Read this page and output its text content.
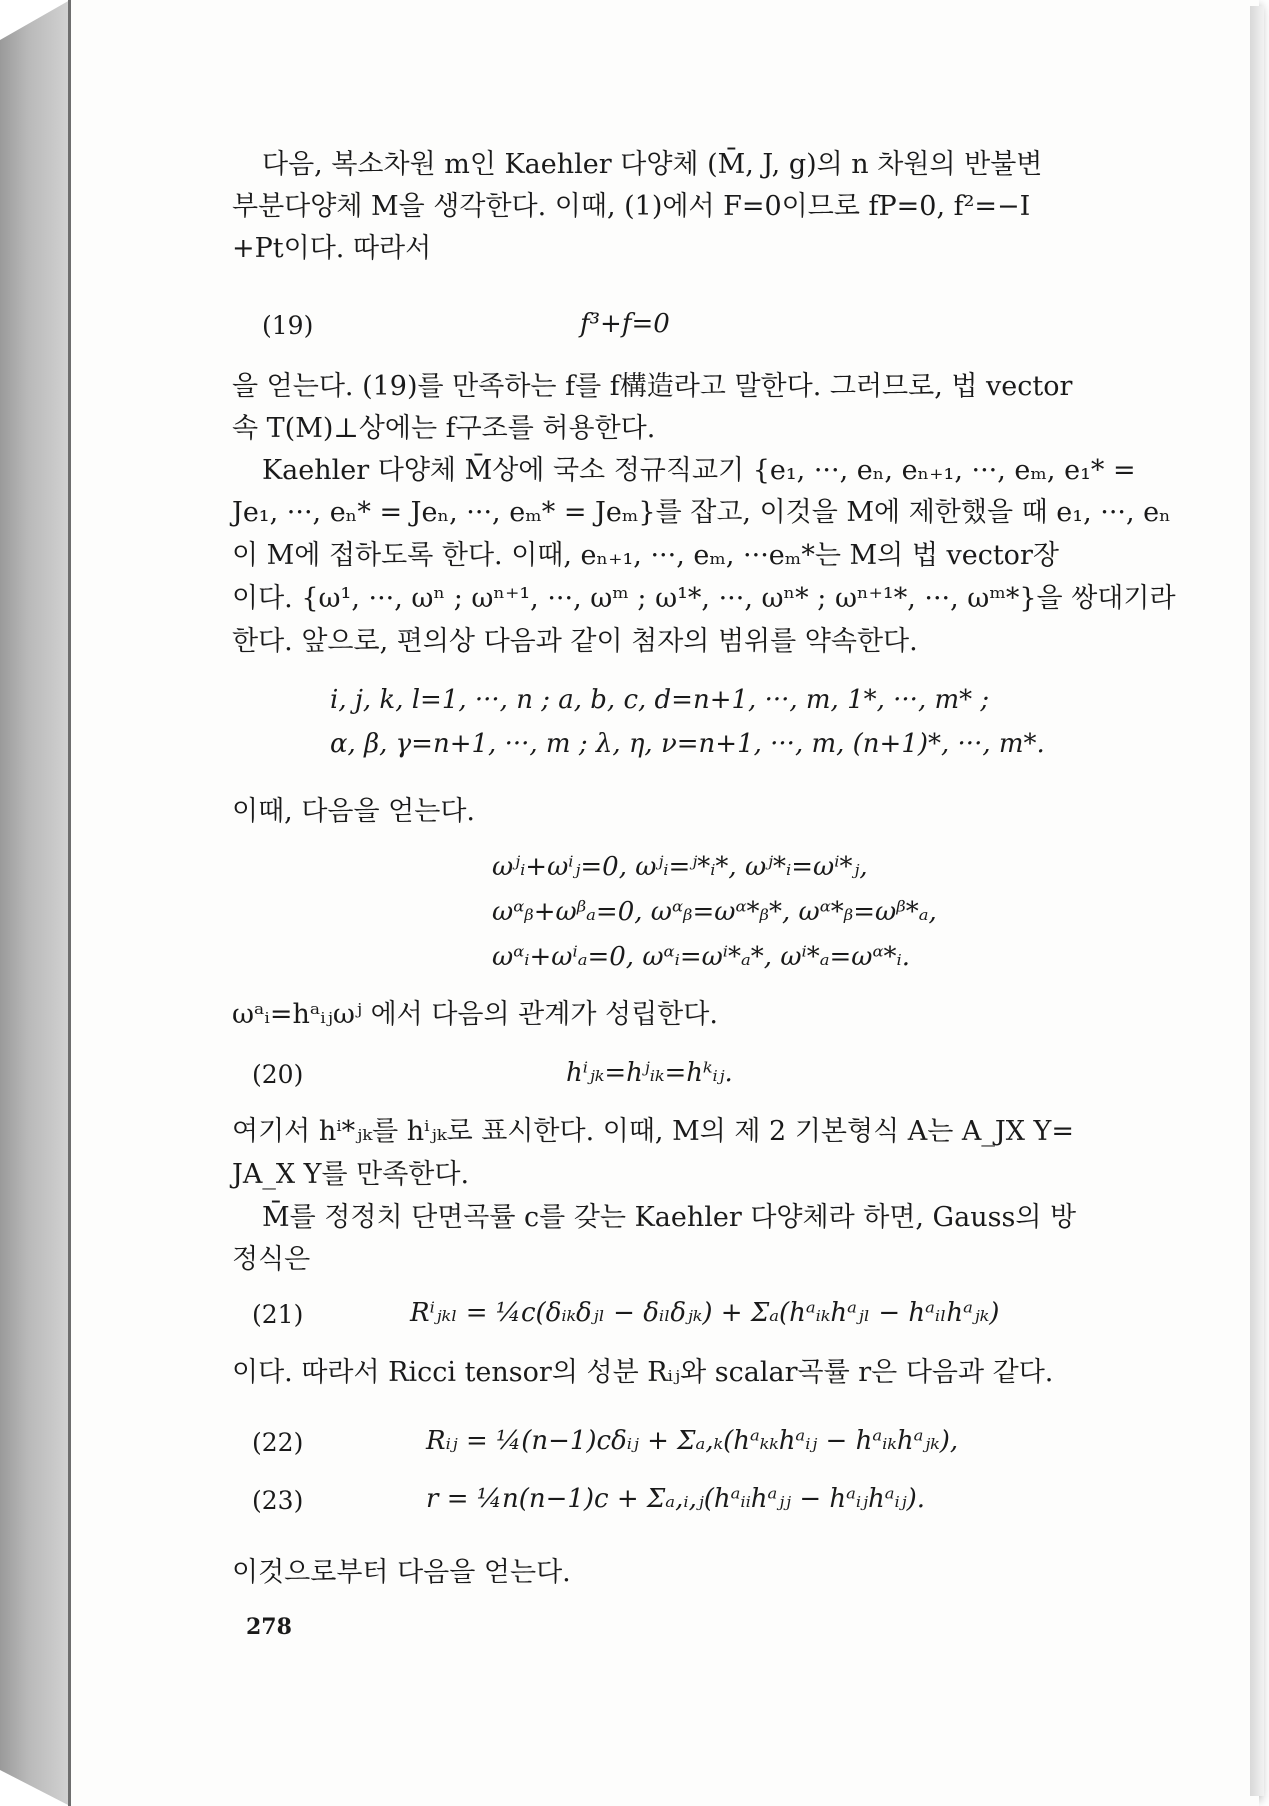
다음, 복소차원 m인 Kaehler 다양체 (M̄, J, g)의 n 차원의 반불변
부분다양체 M을 생각한다. 이때, (1)에서 F=0이므로 fP=0, f²=−I
+Pt이다. 따라서
(19)	f³+f=0
을 얻는다. (19)를 만족하는 f를 f構造라고 말한다. 그러므로, 법 vector
속 T(M)⊥상에는 f구조를 허용한다.
Kaehler 다양체 M̄상에 국소 정규직교기 {e₁, ···, eₙ, eₙ₊₁, ···, eₘ, e₁* =
Je₁, ···, eₙ* = Jeₙ, ···, eₘ* = Jeₘ}를 잡고, 이것을 M에 제한했을 때 e₁, ···, eₙ
이 M에 접하도록 한다. 이때, eₙ₊₁, ···, eₘ, ···eₘ*는 M의 법 vector장
이다. {ω¹, ···, ωⁿ ; ωⁿ⁺¹, ···, ωᵐ ; ω¹*, ···, ωⁿ* ; ωⁿ⁺¹*, ···, ωᵐ*}을 쌍대기라
한다. 앞으로, 편의상 다음과 같이 첨자의 범위를 약속한다.
i, j, k, l=1, ···, n ; a, b, c, d=n+1, ···, m, 1*, ···, m* ;
α, β, γ=n+1, ···, m ; λ, η, ν=n+1, ···, m, (n+1)*, ···, m*.
이때, 다음을 얻는다.
ωʲᵢ+ωⁱⱼ=0, ωʲᵢ=ʲ*ᵢ*, ωʲ*ᵢ=ωⁱ*ⱼ,
ωᵅᵦ+ωᵝₐ=0, ωᵅᵦ=ωᵅ*ᵦ*, ωᵅ*ᵦ=ωᵝ*ₐ,
ωᵅᵢ+ωⁱₐ=0, ωᵅᵢ=ωⁱ*ₐ*, ωⁱ*ₐ=ωᵅ*ᵢ.
ωᵃᵢ=hᵃᵢⱼωʲ 에서 다음의 관계가 성립한다.
(20)	hⁱⱼₖ=hʲᵢₖ=hᵏᵢⱼ.
여기서 hⁱ*ⱼₖ를 hⁱⱼₖ로 표시한다. 이때, M의 제 2 기본형식 A는 A_JX Y=
JA_X Y를 만족한다.
M̄를 정정치 단면곡률 c를 갖는 Kaehler 다양체라 하면, Gauss의 방
정식은
(21)	Rⁱⱼₖₗ = ¼c(δᵢₖδⱼₗ − δᵢₗδⱼₖ) + Σₐ(hᵃᵢₖhᵃⱼₗ − hᵃᵢₗhᵃⱼₖ)
이다. 따라서 Ricci tensor의 성분 Rᵢⱼ와 scalar곡률 r은 다음과 같다.
(22)	Rᵢⱼ = ¼(n−1)cδᵢⱼ + Σₐ,ₖ(hᵃₖₖhᵃᵢⱼ − hᵃᵢₖhᵃⱼₖ),
(23)	r = ¼n(n−1)c + Σₐ,ᵢ,ⱼ(hᵃᵢᵢhᵃⱼⱼ − hᵃᵢⱼhᵃᵢⱼ).
이것으로부터 다음을 얻는다.
278
